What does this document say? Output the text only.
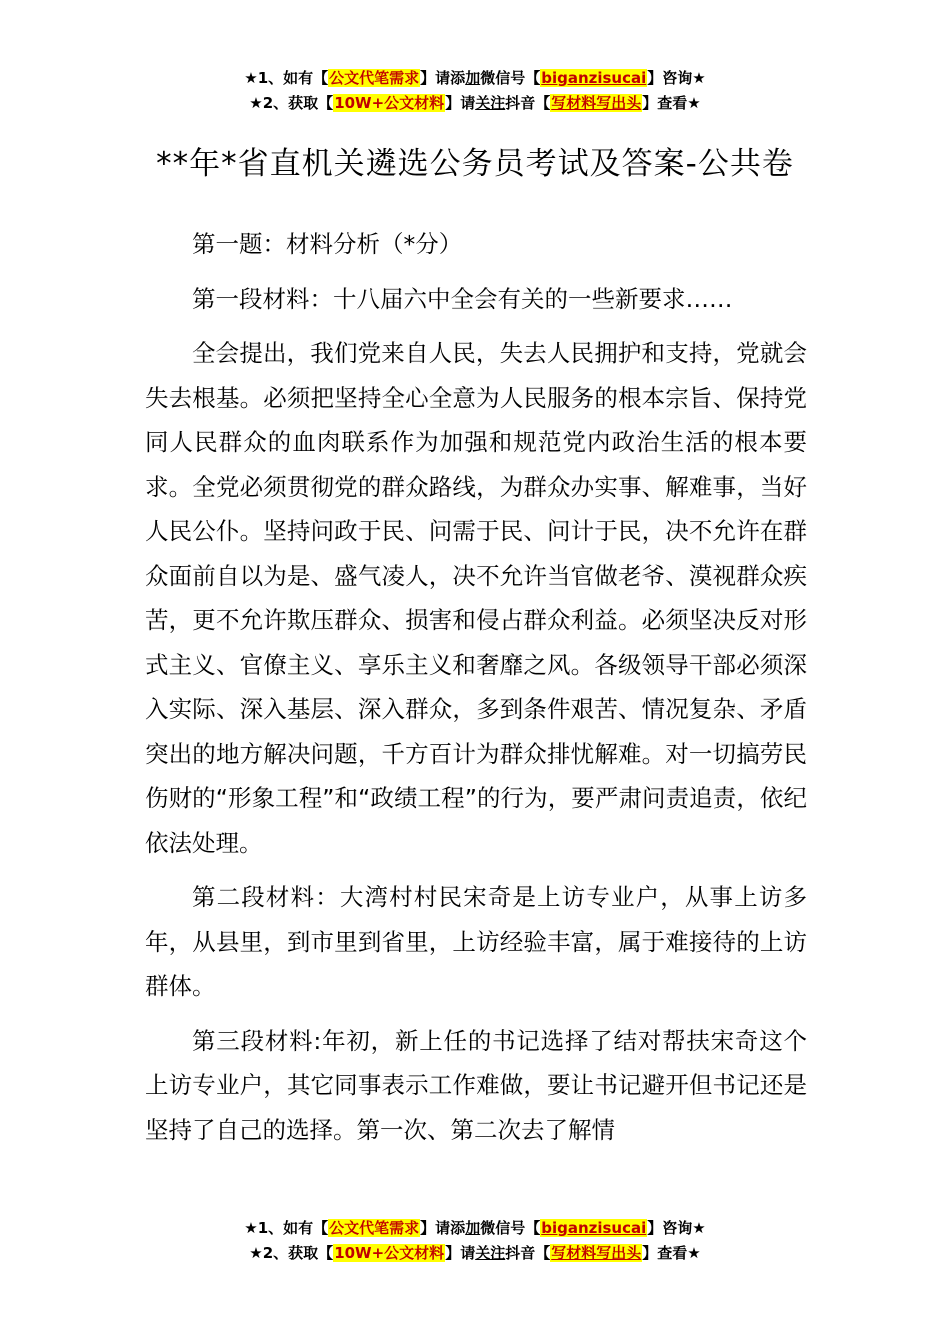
★1、如有【公文代笔需求】请添加微信号【biganzisucai】咨询★
★2、获取【10W+公文材料】请关注抖音【写材料写出头】查看★
**年*省直机关遴选公务员考试及答案-公共卷

第一题：材料分析（*分）

第一段材料：十八届六中全会有关的一些新要求……

全会提出，我们党来自人民，失去人民拥护和支持，党就会失去根基。必须把坚持全心全意为人民服务的根本宗旨、保持党同人民群众的血肉联系作为加强和规范党内政治生活的根本要求。全党必须贯彻党的群众路线，为群众办实事、解难事，当好人民公仆。坚持问政于民、问需于民、问计于民，决不允许在群众面前自以为是、盛气凌人，决不允许当官做老爷、漠视群众疾苦，更不允许欺压群众、损害和侵占群众利益。必须坚决反对形式主义、官僚主义、享乐主义和奢靡之风。各级领导干部必须深入实际、深入基层、深入群众，多到条件艰苦、情况复杂、矛盾突出的地方解决问题，千方百计为群众排忧解难。对一切搞劳民伤财的“形象工程”和“政绩工程”的行为，要严肃问责追责，依纪依法处理。

第二段材料：大湾村村民宋奇是上访专业户，从事上访多年，从县里，到市里到省里，上访经验丰富，属于难接待的上访群体。

第三段材料:年初，新上任的书记选择了结对帮扶宋奇这个上访专业户，其它同事表示工作难做，要让书记避开但书记还是坚持了自己的选择。第一次、第二次去了解情

★1、如有【公文代笔需求】请添加微信号【biganzisucai】咨询★
★2、获取【10W+公文材料】请关注抖音【写材料写出头】查看★
